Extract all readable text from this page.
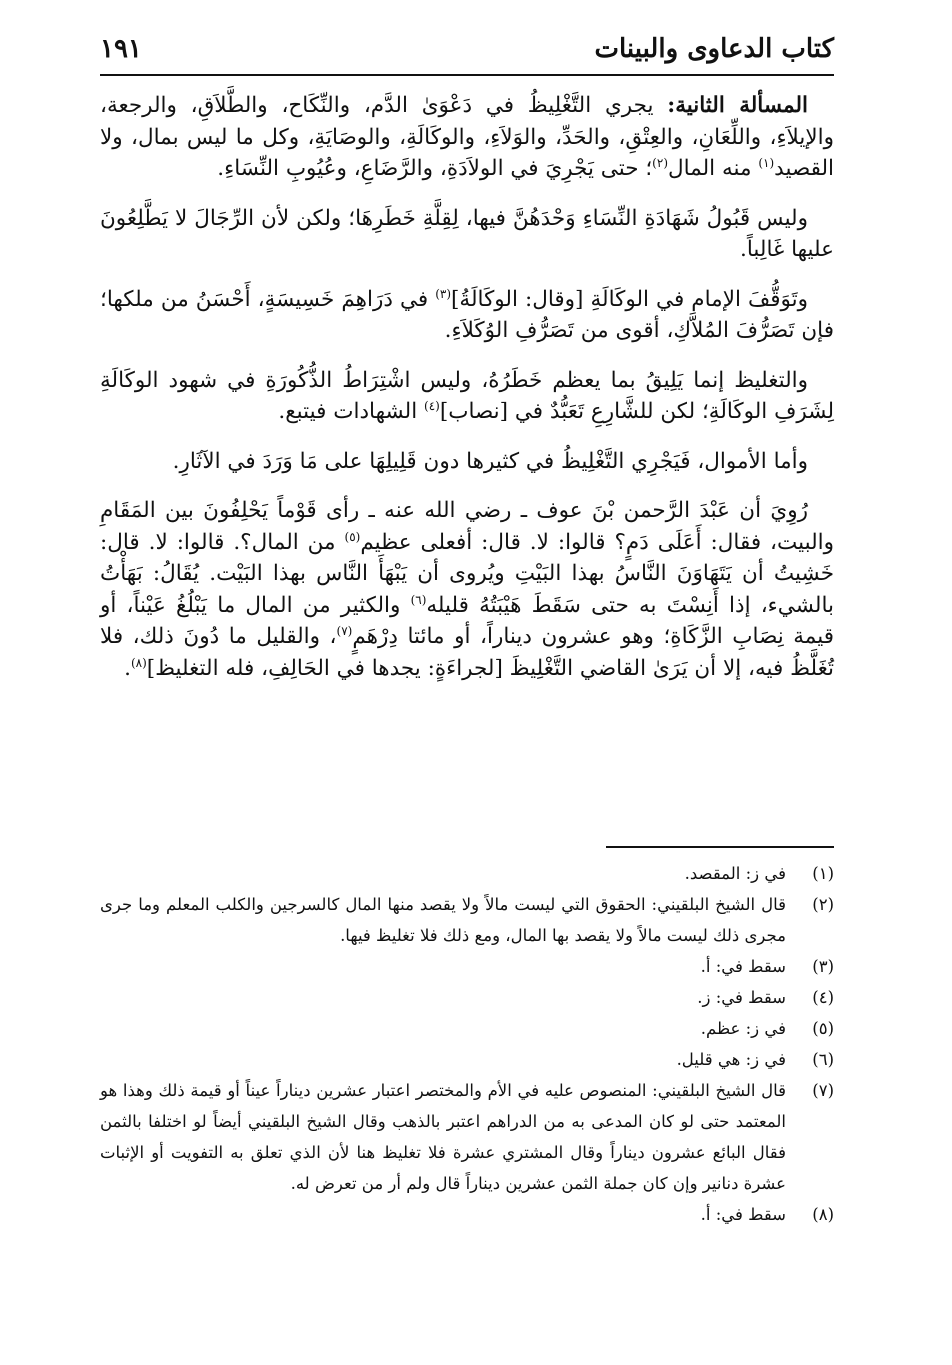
كتاب الدعاوى والبينات
١٩١

المسألة الثانية: يجري التَّغْلِيظُ في دَعْوَىٰ الدَّم، والنِّكَاح، والطَّلاَقِ، والرجعة، والإيلاَءِ، واللِّعَانِ، والعِتْقِ، والحَدِّ، والوَلاَءِ، والوكَالَةِ، والوصَايَةِ، وكل ما ليس بمال، ولا القصيد$^{(١)}$ منه المال$^{(٢)}$؛ حتى يَجْرِيَ في الولاَدَةِ، والرَّضَاعِ، وعُيُوبِ النِّسَاءِ.

وليس قَبُولُ شَهَادَةِ النِّسَاءِ وَحْدَهُنَّ فيها، لِقِلَّةِ خَطَرِهَا؛ ولكن لأن الرِّجَالَ لا يَطَّلِعُونَ عليها غَالِباً.

وتَوَقُّفَ الإمام في الوكَالَةِ [وقال: الوكَالَةُ]$^{(٣)}$ في دَرَاهِمَ خَسِيسَةٍ، أَحْسَنُ من ملكها؛ فإن تَصَرُّفَ المُلاَّكِ، أقوى من تَصَرُّفِ الوُكَلاَءِ.

والتغليظ إنما يَلِيقُ بما يعظم خَطَرُهُ، وليس اشْتِرَاطُ الذُّكُورَةِ في شهود الوكَالَةِ لِشَرَفِ الوكَالَةِ؛ لكن للشَّارِعِ تَعَبُّدٌ في [نصاب]$^{(٤)}$ الشهادات فيتبع.

وأما الأموال، فَيَجْرِي التَّغْلِيظُ في كثيرها دون قَلِيلِهَا على مَا وَرَدَ في الآثَارِ.

رُوِيَ أن عَبْدَ الرَّحمن بْنَ عوف ـ رضي الله عنه ـ رأى قَوْماً يَحْلِفُونَ بين المَقَامِ والبيت، فقال: أَعَلَى دَمٍ؟ قالوا: لا. قال: أفعلى عظيم$^{(٥)}$ من المال؟. قالوا: لا. قال: خَشِيتُ أن يَتَهَاوَنَ النَّاسُ بهذا البَيْتِ ويُروى أن يَبْهَأَ النَّاس بهذا البَيْت. يُقَالُ: بَهَأْتُ بالشيء، إذا أَنِسْتَ به حتى سَقَطَ هَيْبَتُهُ قليله$^{(٦)}$ والكثير من المال ما يَبْلُغُ عَيْناً، أو قيمة نِصَابِ الزَّكَاةِ؛ وهو عشرون ديناراً، أو مائتا دِرْهَمٍ$^{(٧)}$، والقليل ما دُونَ ذلك، فلا تُغَلَّظُ فيه، إلا أن يَرَىٰ القاضي التَّغْلِيظَ [لجراءَةٍ: يجدها في الحَالِفِ، فله التغليظ]$^{(٨)}$.

(١)
في ز: المقصد.
(٢)
قال الشيخ البلقيني: الحقوق التي ليست مالاً ولا يقصد منها المال كالسرجين والكلب المعلم وما جرى مجرى ذلك ليست مالاً ولا يقصد بها المال، ومع ذلك فلا تغليظ فيها.
(٣)
سقط في: أ.
(٤)
سقط في: ز.
(٥)
في ز: عظم.
(٦)
في ز: هي قليل.
(٧)
قال الشيخ البلقيني: المنصوص عليه في الأم والمختصر اعتبار عشرين ديناراً عيناً أو قيمة ذلك وهذا هو المعتمد حتى لو كان المدعى به من الدراهم اعتبر بالذهب وقال الشيخ البلقيني أيضاً لو اختلفا بالثمن فقال البائع عشرون ديناراً وقال المشتري عشرة فلا تغليظ هنا لأن الذي تعلق به التفويت أو الإثبات عشرة دنانير وإن كان جملة الثمن عشرين ديناراً قال ولم أر من تعرض له.
(٨)
سقط في: أ.
